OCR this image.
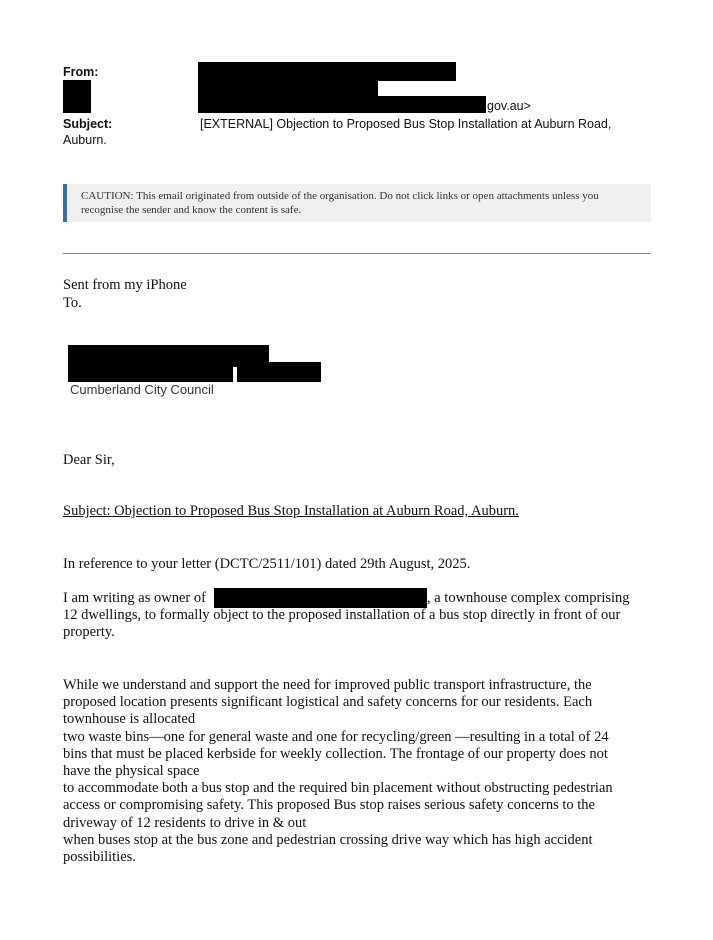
From:
gov.au>
Subject:	[EXTERNAL] Objection to Proposed Bus Stop Installation at Auburn Road,
Auburn.
CAUTION: This email originated from outside of the organisation. Do not click links or open attachments unless you
recognise the sender and know the content is safe.
Sent from my iPhone
To.
Cumberland City Council
Dear Sir,
Subject: Objection to Proposed Bus Stop Installation at Auburn Road, Auburn.
In reference to your letter (DCTC/2511/101) dated 29th August, 2025.
I am writing as owner of	, a townhouse complex comprising
12 dwellings, to formally object to the proposed installation of a bus stop directly in front of our
property.
While we understand and support the need for improved public transport infrastructure, the
proposed location presents significant logistical and safety concerns for our residents. Each
townhouse is allocated
two waste bins—one for general waste and one for recycling/green —resulting in a total of 24
bins that must be placed kerbside for weekly collection. The frontage of our property does not
have the physical space
to accommodate both a bus stop and the required bin placement without obstructing pedestrian
access or compromising safety. This proposed Bus stop raises serious safety concerns to the
driveway of 12 residents to drive in & out
when buses stop at the bus zone and pedestrian crossing drive way which has high accident
possibilities.
